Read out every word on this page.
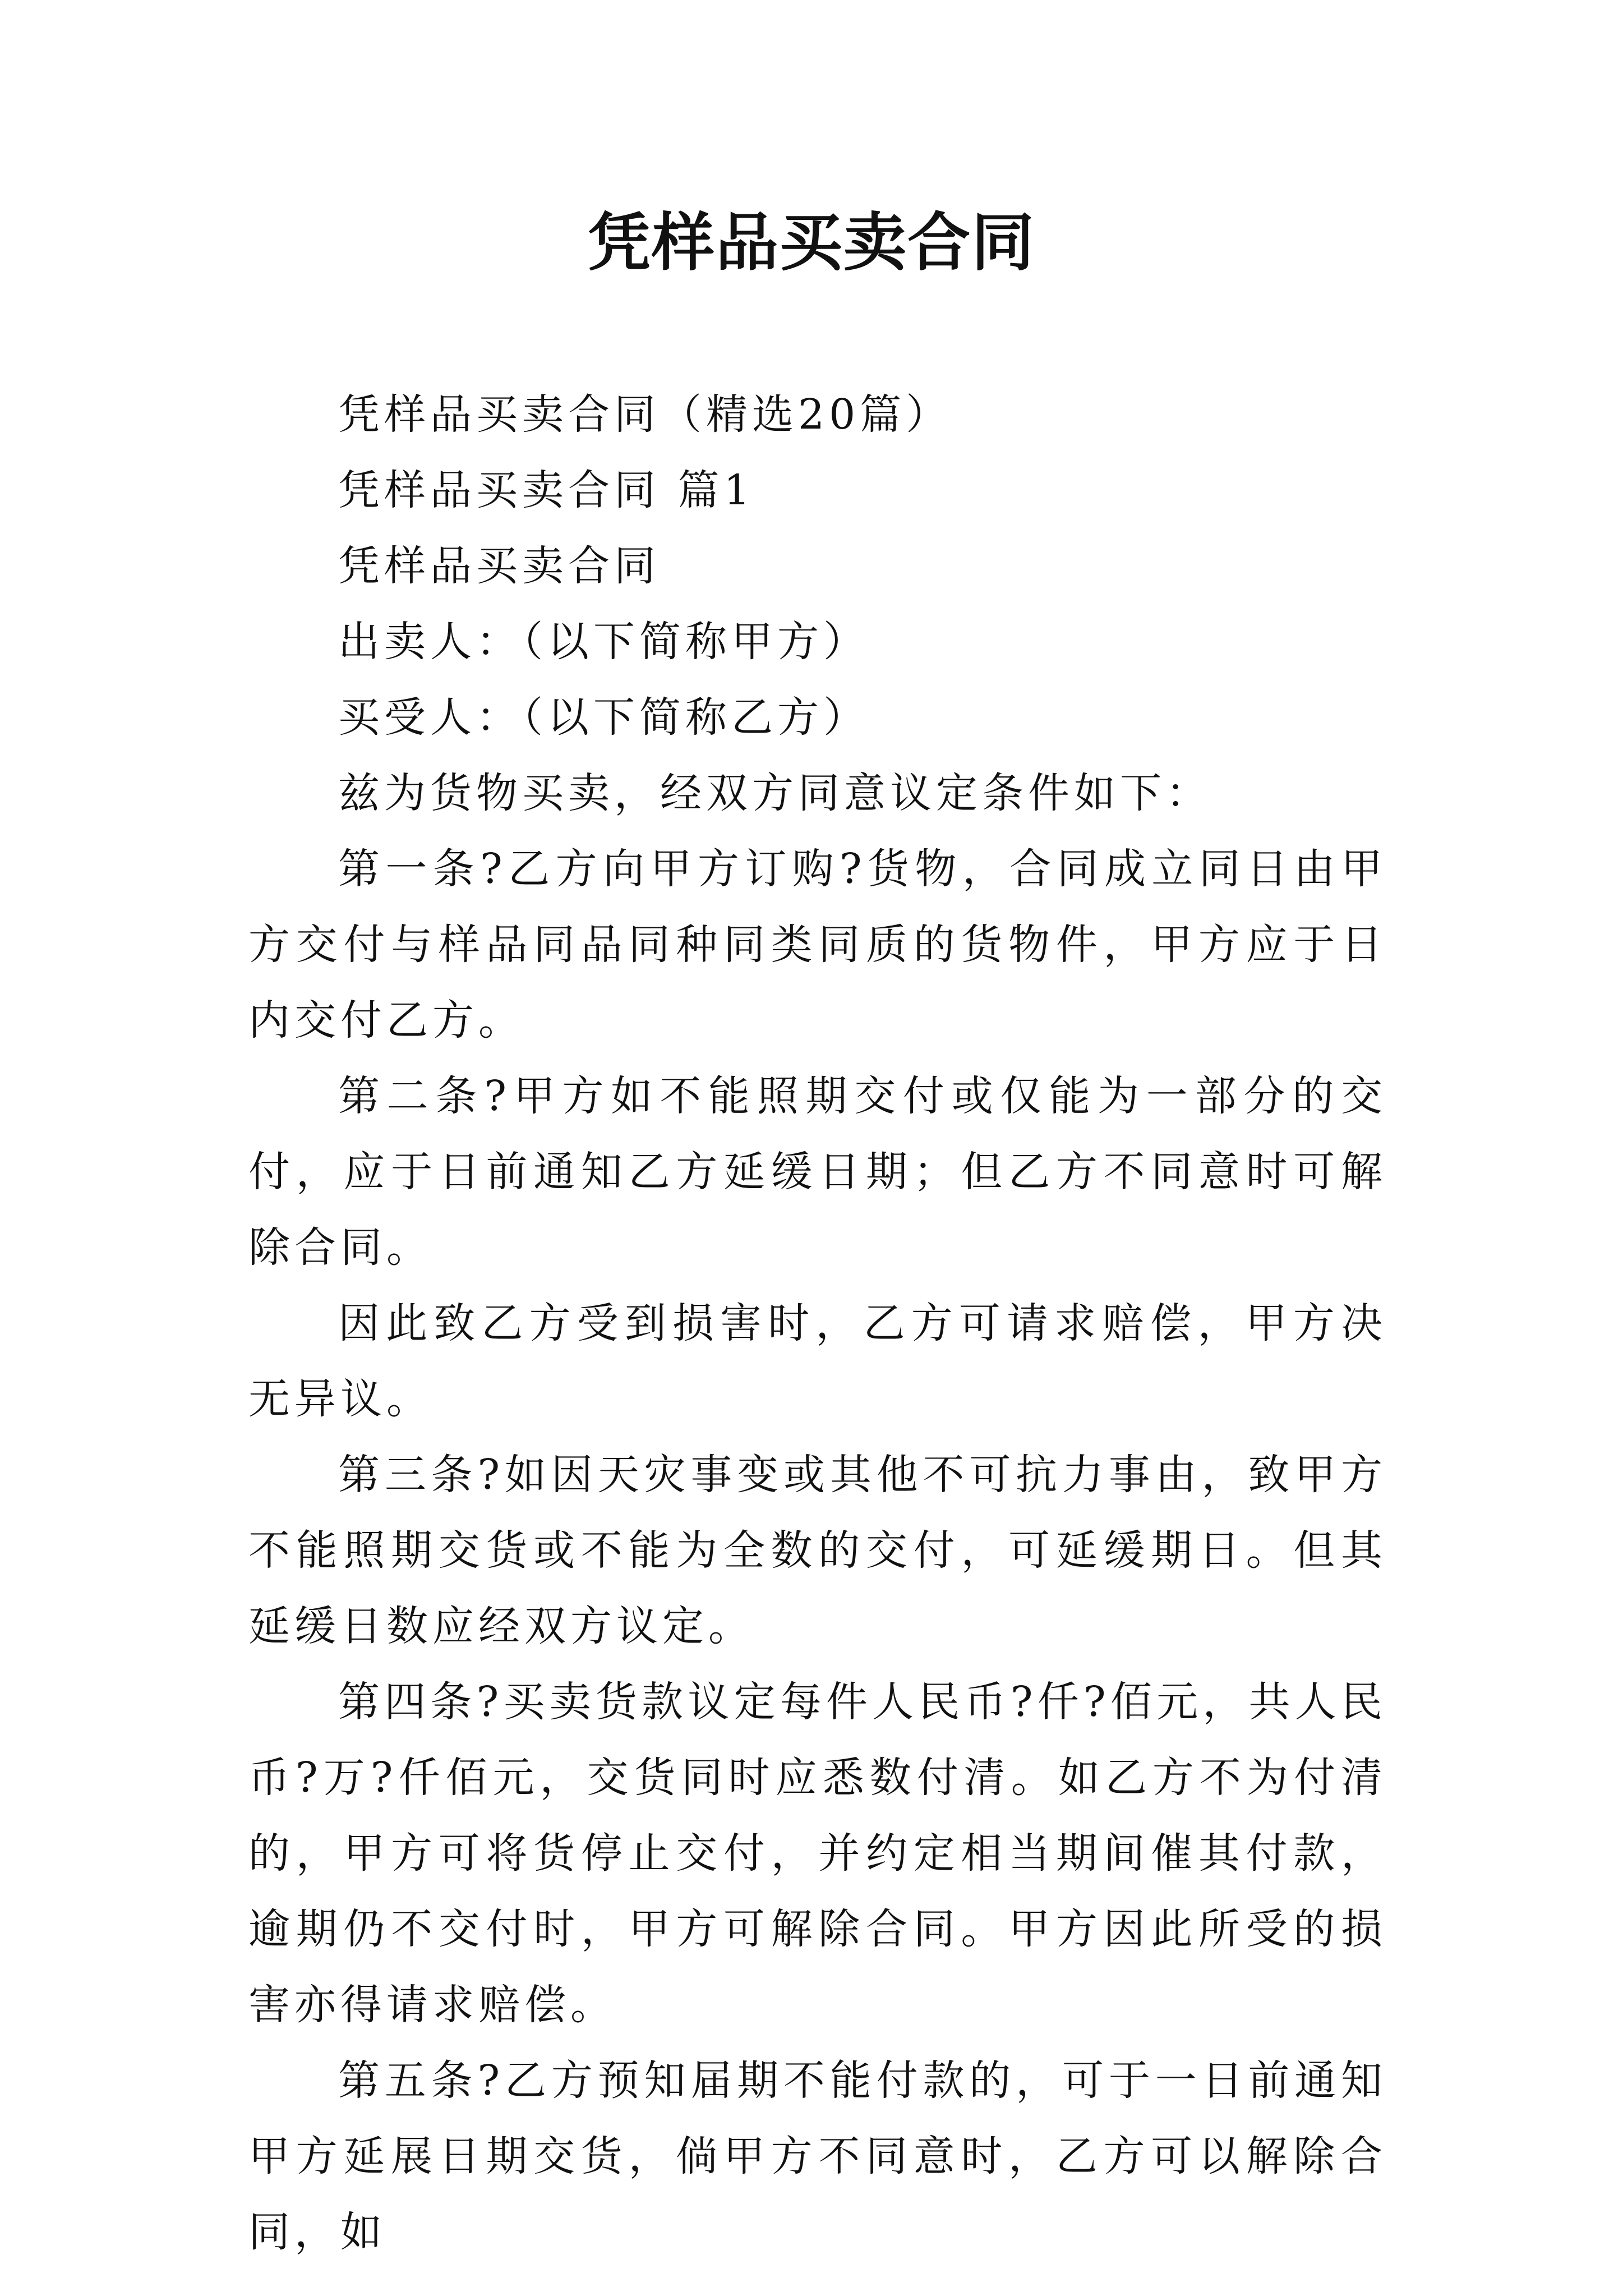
凭样品买卖合同

凭样品买卖合同（精选20篇）

凭样品买卖合同 篇1

凭样品买卖合同

出卖人：（以下简称甲方）

买受人：（以下简称乙方）

兹为货物买卖，经双方同意议定条件如下：

第一条?乙方向甲方订购?货物，合同成立同日由甲方交付与样品同品同种同类同质的货物件，甲方应于日内交付乙方。

第二条?甲方如不能照期交付或仅能为一部分的交付，应于日前通知乙方延缓日期；但乙方不同意时可解除合同。

因此致乙方受到损害时，乙方可请求赔偿，甲方决无异议。

第三条?如因天灾事变或其他不可抗力事由，致甲方不能照期交货或不能为全数的交付，可延缓期日。但其延缓日数应经双方议定。

第四条?买卖货款议定每件人民币?仟?佰元，共人民币?万?仟佰元，交货同时应悉数付清。如乙方不为付清的，甲方可将货停止交付，并约定相当期间催其付款，逾期仍不交付时，甲方可解除合同。甲方因此所受的损害亦得请求赔偿。

第五条?乙方预知届期不能付款的，可于一日前通知甲方延展日期交货，倘甲方不同意时，乙方可以解除合同，如
